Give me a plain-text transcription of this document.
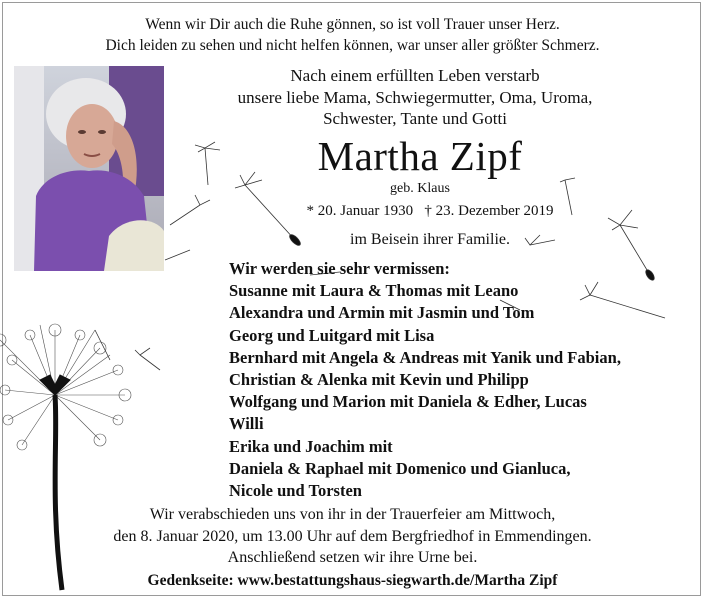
Wenn wir Dir auch die Ruhe gönnen, so ist voll Trauer unser Herz.
Dich leiden zu sehen und nicht helfen können, war unser aller größter Schmerz.
Nach einem erfüllten Leben verstarb
unsere liebe Mama, Schwiegermutter, Oma, Uroma,
Schwester, Tante und Gotti
Martha Zipf
geb. Klaus
* 20. Januar 1930   † 23. Dezember 2019
im Beisein ihrer Familie.
Wir werden sie sehr vermissen:
Susanne mit Laura & Thomas mit Leano
Alexandra und Armin mit Jasmin und Tom
Georg und Luitgard mit Lisa
Bernhard mit Angela & Andreas mit Yanik und Fabian,
Christian & Alenka mit Kevin und Philipp
Wolfgang und Marion mit Daniela & Edher, Lucas
Willi
Erika und Joachim mit
Daniela & Raphael mit Domenico und Gianluca,
Nicole und Torsten
Wir verabschieden uns von ihr in der Trauerfeier am Mittwoch,
den 8. Januar 2020, um 13.00 Uhr auf dem Bergfriedhof in Emmendingen.
Anschließend setzen wir ihre Urne bei.
Gedenkseite: www.bestattungshaus-siegwarth.de/Martha Zipf
